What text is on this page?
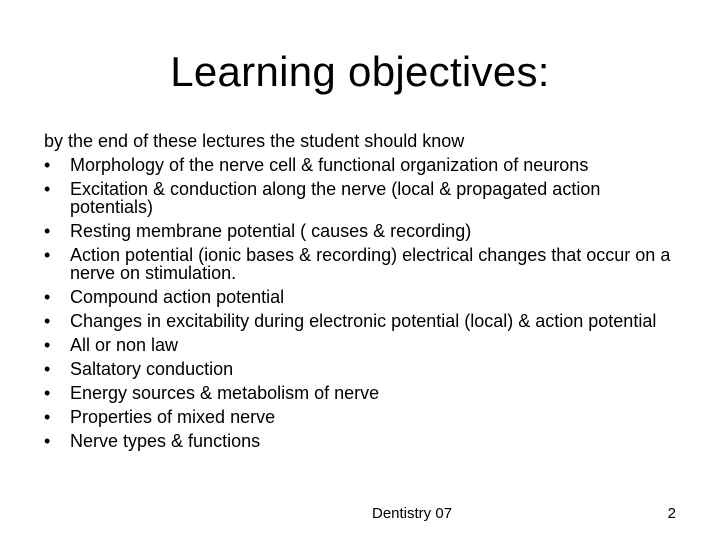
Learning objectives:
by the end of these lectures the student should know
•	Morphology of the nerve cell & functional organization of neurons
•	Excitation & conduction along the nerve (local & propagated action potentials)
•	Resting membrane potential ( causes & recording)
•	Action potential (ionic bases & recording) electrical changes that occur on a nerve on stimulation.
•	Compound action potential
•	Changes in excitability during electronic potential (local) & action potential
•	All or non law
•	Saltatory conduction
•	Energy sources & metabolism of nerve
•	Properties of mixed nerve
•	Nerve types & functions
Dentistry 07	2
